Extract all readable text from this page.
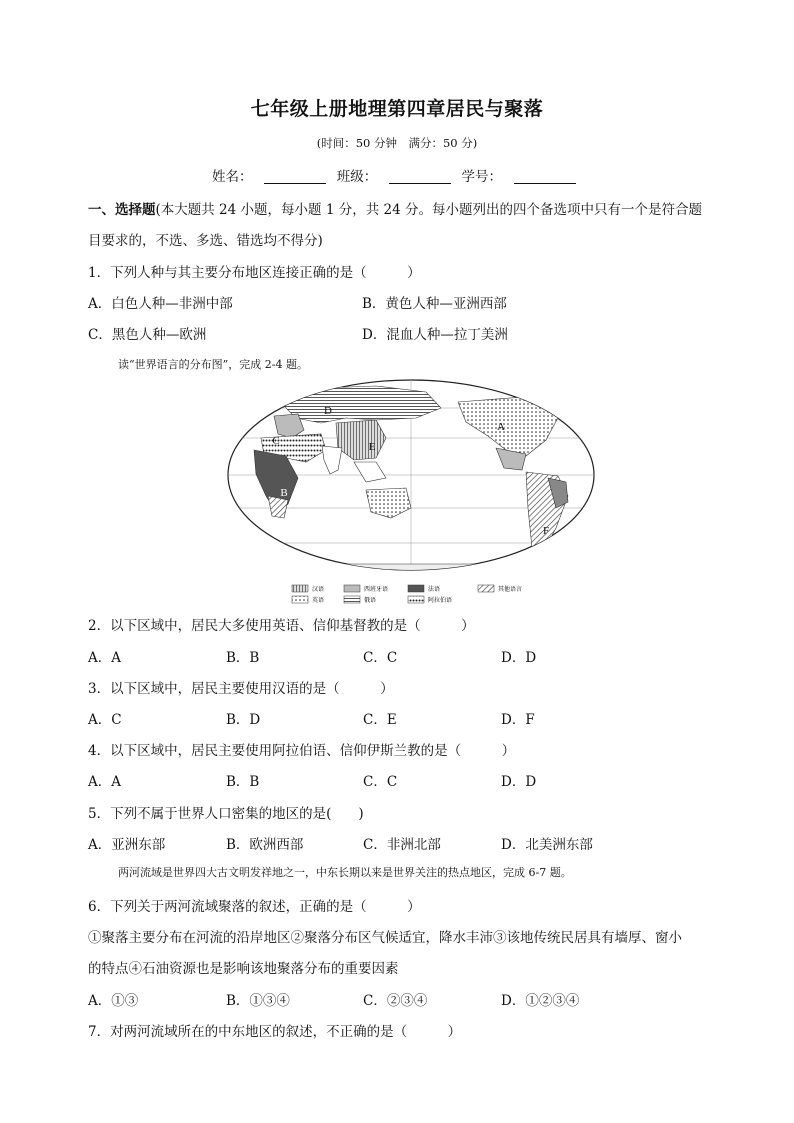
七年级上册地理第四章居民与聚落
(时间：50 分钟　满分：50 分)
姓名：	班级：	学号：
一、选择题(本大题共 24 小题，每小题 1 分，共 24 分。每小题列出的四个备选项中只有一个是符合题
目要求的，不选、多选、错选均不得分)
1．下列人种与其主要分布地区连接正确的是（　　　）
A．白色人种—非洲中部	B．黄色人种—亚洲西部
C．黑色人种—欧洲	D．混血人种—拉丁美洲
读“世界语言的分布图”，完成 2-4 题。
A
B
C
D
E
F
汉语	西班牙语	法语	其他语言
英语	俄语	阿拉伯语
2．以下区域中，居民大多使用英语、信仰基督教的是（　　　）
A．A	B．B	C．C	D．D
3．以下区域中，居民主要使用汉语的是（　　　）
A．C	B．D	C．E	D．F
4．以下区域中，居民主要使用阿拉伯语、信仰伊斯兰教的是（　　　）
A．A	B．B	C．C	D．D
5．下列不属于世界人口密集的地区的是(　　)
A．亚洲东部	B．欧洲西部	C．非洲北部	D．北美洲东部
两河流域是世界四大古文明发祥地之一，中东长期以来是世界关注的热点地区，完成 6-7 题。
6．下列关于两河流域聚落的叙述，正确的是（　　　）
①聚落主要分布在河流的沿岸地区②聚落分布区气候适宜，降水丰沛③该地传统民居具有墙厚、窗小
的特点④石油资源也是影响该地聚落分布的重要因素
A．①③	B．①③④	C．②③④	D．①②③④
7．对两河流域所在的中东地区的叙述，不正确的是（　　　）
